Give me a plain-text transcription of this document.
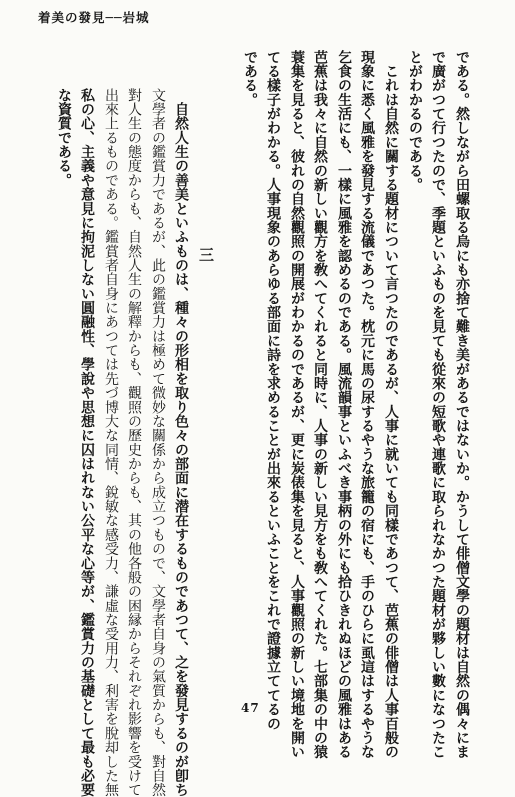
着美の發見──岩城
である。然しながら田螺取る烏にも亦捨て難き美があるではないか。かうして俳僧文學の題材は自然の偶々にま
で廣がつて行つたので、季題といふものを見ても從來の短歌や連歌に取られなかつた題材が夥しい數になつたこ
とがわかるのである。
　これは自然に關する題材について言つたのであるが、人事に就いても同樣であつて、芭蕉の俳僧は人事百般の
現象に悉く風雅を發見する流儀であつた。枕元に馬の尿するやうな旅籠の宿にも、手のひらに虱這はするやうな
乞食の生活にも、一樣に風雅を認めるのである。風流韻事といふべき事柄の外にも拾ひきれぬほどの風雅はある
芭蕉は我々に自然の新しい觀方を敎へてくれると同時に、人事の新しい見方をも敎へてくれた。七部集の中の猿
蓑集を見ると、彼れの自然觀照の開展がわかるのであるが、更に炭俵集を見ると、人事觀照の新しい境地を開い
てる樣子がわかる。人事現象のあらゆる部面に詩を求めることが出來るといふことをこれで證據立ててるの
である。
三
　自然人生の善美といふものは、種々の形相を取り色々の部面に潜在するものであつて、之を發見するのが卽ち
文學者の鑑賞力であるが、此の鑑賞力は極めて微妙な關係から成立つもので、文學者自身の氣質からも、對自然
對人生の態度からも、自然人生の解釋からも、觀照の歷史からも、其の他各般の困縁からそれぞれ影響を受けて
出來上るものである。鑑賞者自身にあつては先づ博大な同情、銳敏な感受力、謙虛な受用力、利害を脫却した無
私の心、主義や意見に拘泥しない圓融性、學說や思想に囚はれない公平な心等が、鑑賞力の基礎として最も必要
な資質である。
47
